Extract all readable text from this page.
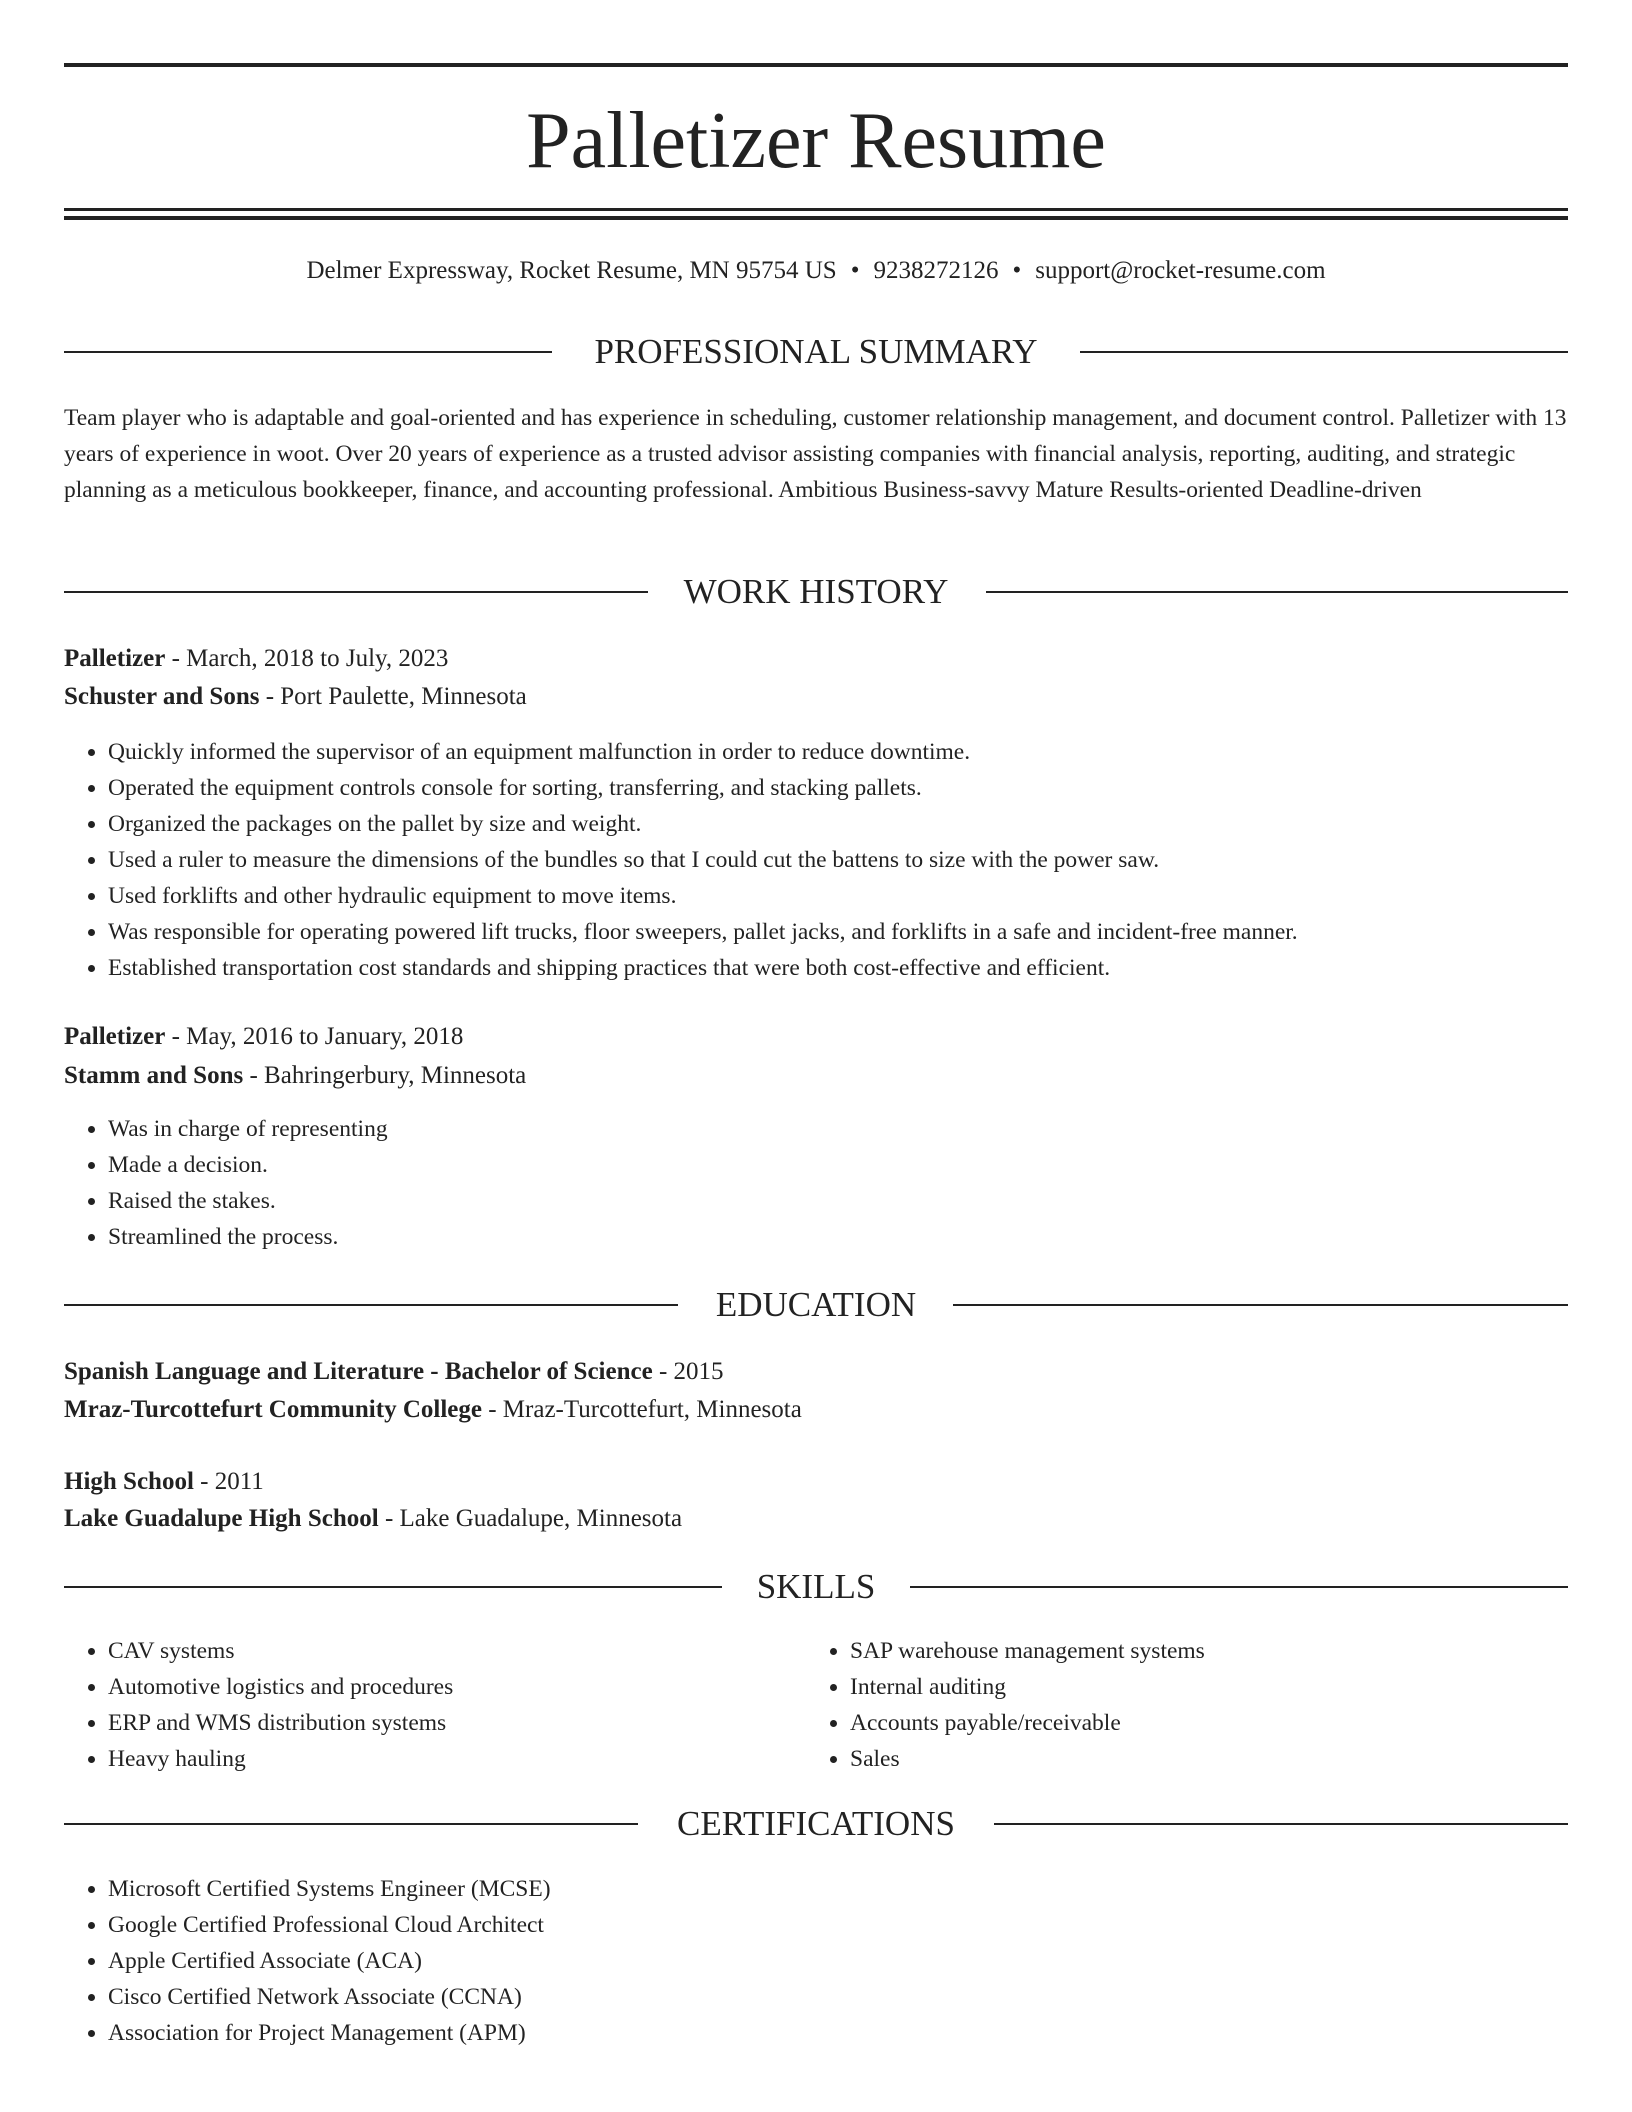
Palletizer Resume
Delmer Expressway, Rocket Resume, MN 95754 US • 9238272126 • support@rocket-resume.com
PROFESSIONAL SUMMARY

Team player who is adaptable and goal-oriented and has experience in scheduling, customer relationship management, and document control. Palletizer with 13 years of experience in woot. Over 20 years of experience as a trusted advisor assisting companies with financial analysis, reporting, auditing, and strategic planning as a meticulous bookkeeper, finance, and accounting professional. Ambitious Business-savvy Mature Results-oriented Deadline-driven

WORK HISTORY
Palletizer - March, 2018 to July, 2023
Schuster and Sons - Port Paulette, Minnesota
• Quickly informed the supervisor of an equipment malfunction in order to reduce downtime.
• Operated the equipment controls console for sorting, transferring, and stacking pallets.
• Organized the packages on the pallet by size and weight.
• Used a ruler to measure the dimensions of the bundles so that I could cut the battens to size with the power saw.
• Used forklifts and other hydraulic equipment to move items.
• Was responsible for operating powered lift trucks, floor sweepers, pallet jacks, and forklifts in a safe and incident-free manner.
• Established transportation cost standards and shipping practices that were both cost-effective and efficient.
Palletizer - May, 2016 to January, 2018
Stamm and Sons - Bahringerbury, Minnesota
• Was in charge of representing
• Made a decision.
• Raised the stakes.
• Streamlined the process.
EDUCATION
Spanish Language and Literature - Bachelor of Science - 2015
Mraz-Turcottefurt Community College - Mraz-Turcottefurt, Minnesota
High School - 2011
Lake Guadalupe High School - Lake Guadalupe, Minnesota
SKILLS
• CAV systems
• Automotive logistics and procedures
• ERP and WMS distribution systems
• Heavy hauling
• SAP warehouse management systems
• Internal auditing
• Accounts payable/receivable
• Sales
CERTIFICATIONS
• Microsoft Certified Systems Engineer (MCSE)
• Google Certified Professional Cloud Architect
• Apple Certified Associate (ACA)
• Cisco Certified Network Associate (CCNA)
• Association for Project Management (APM)
